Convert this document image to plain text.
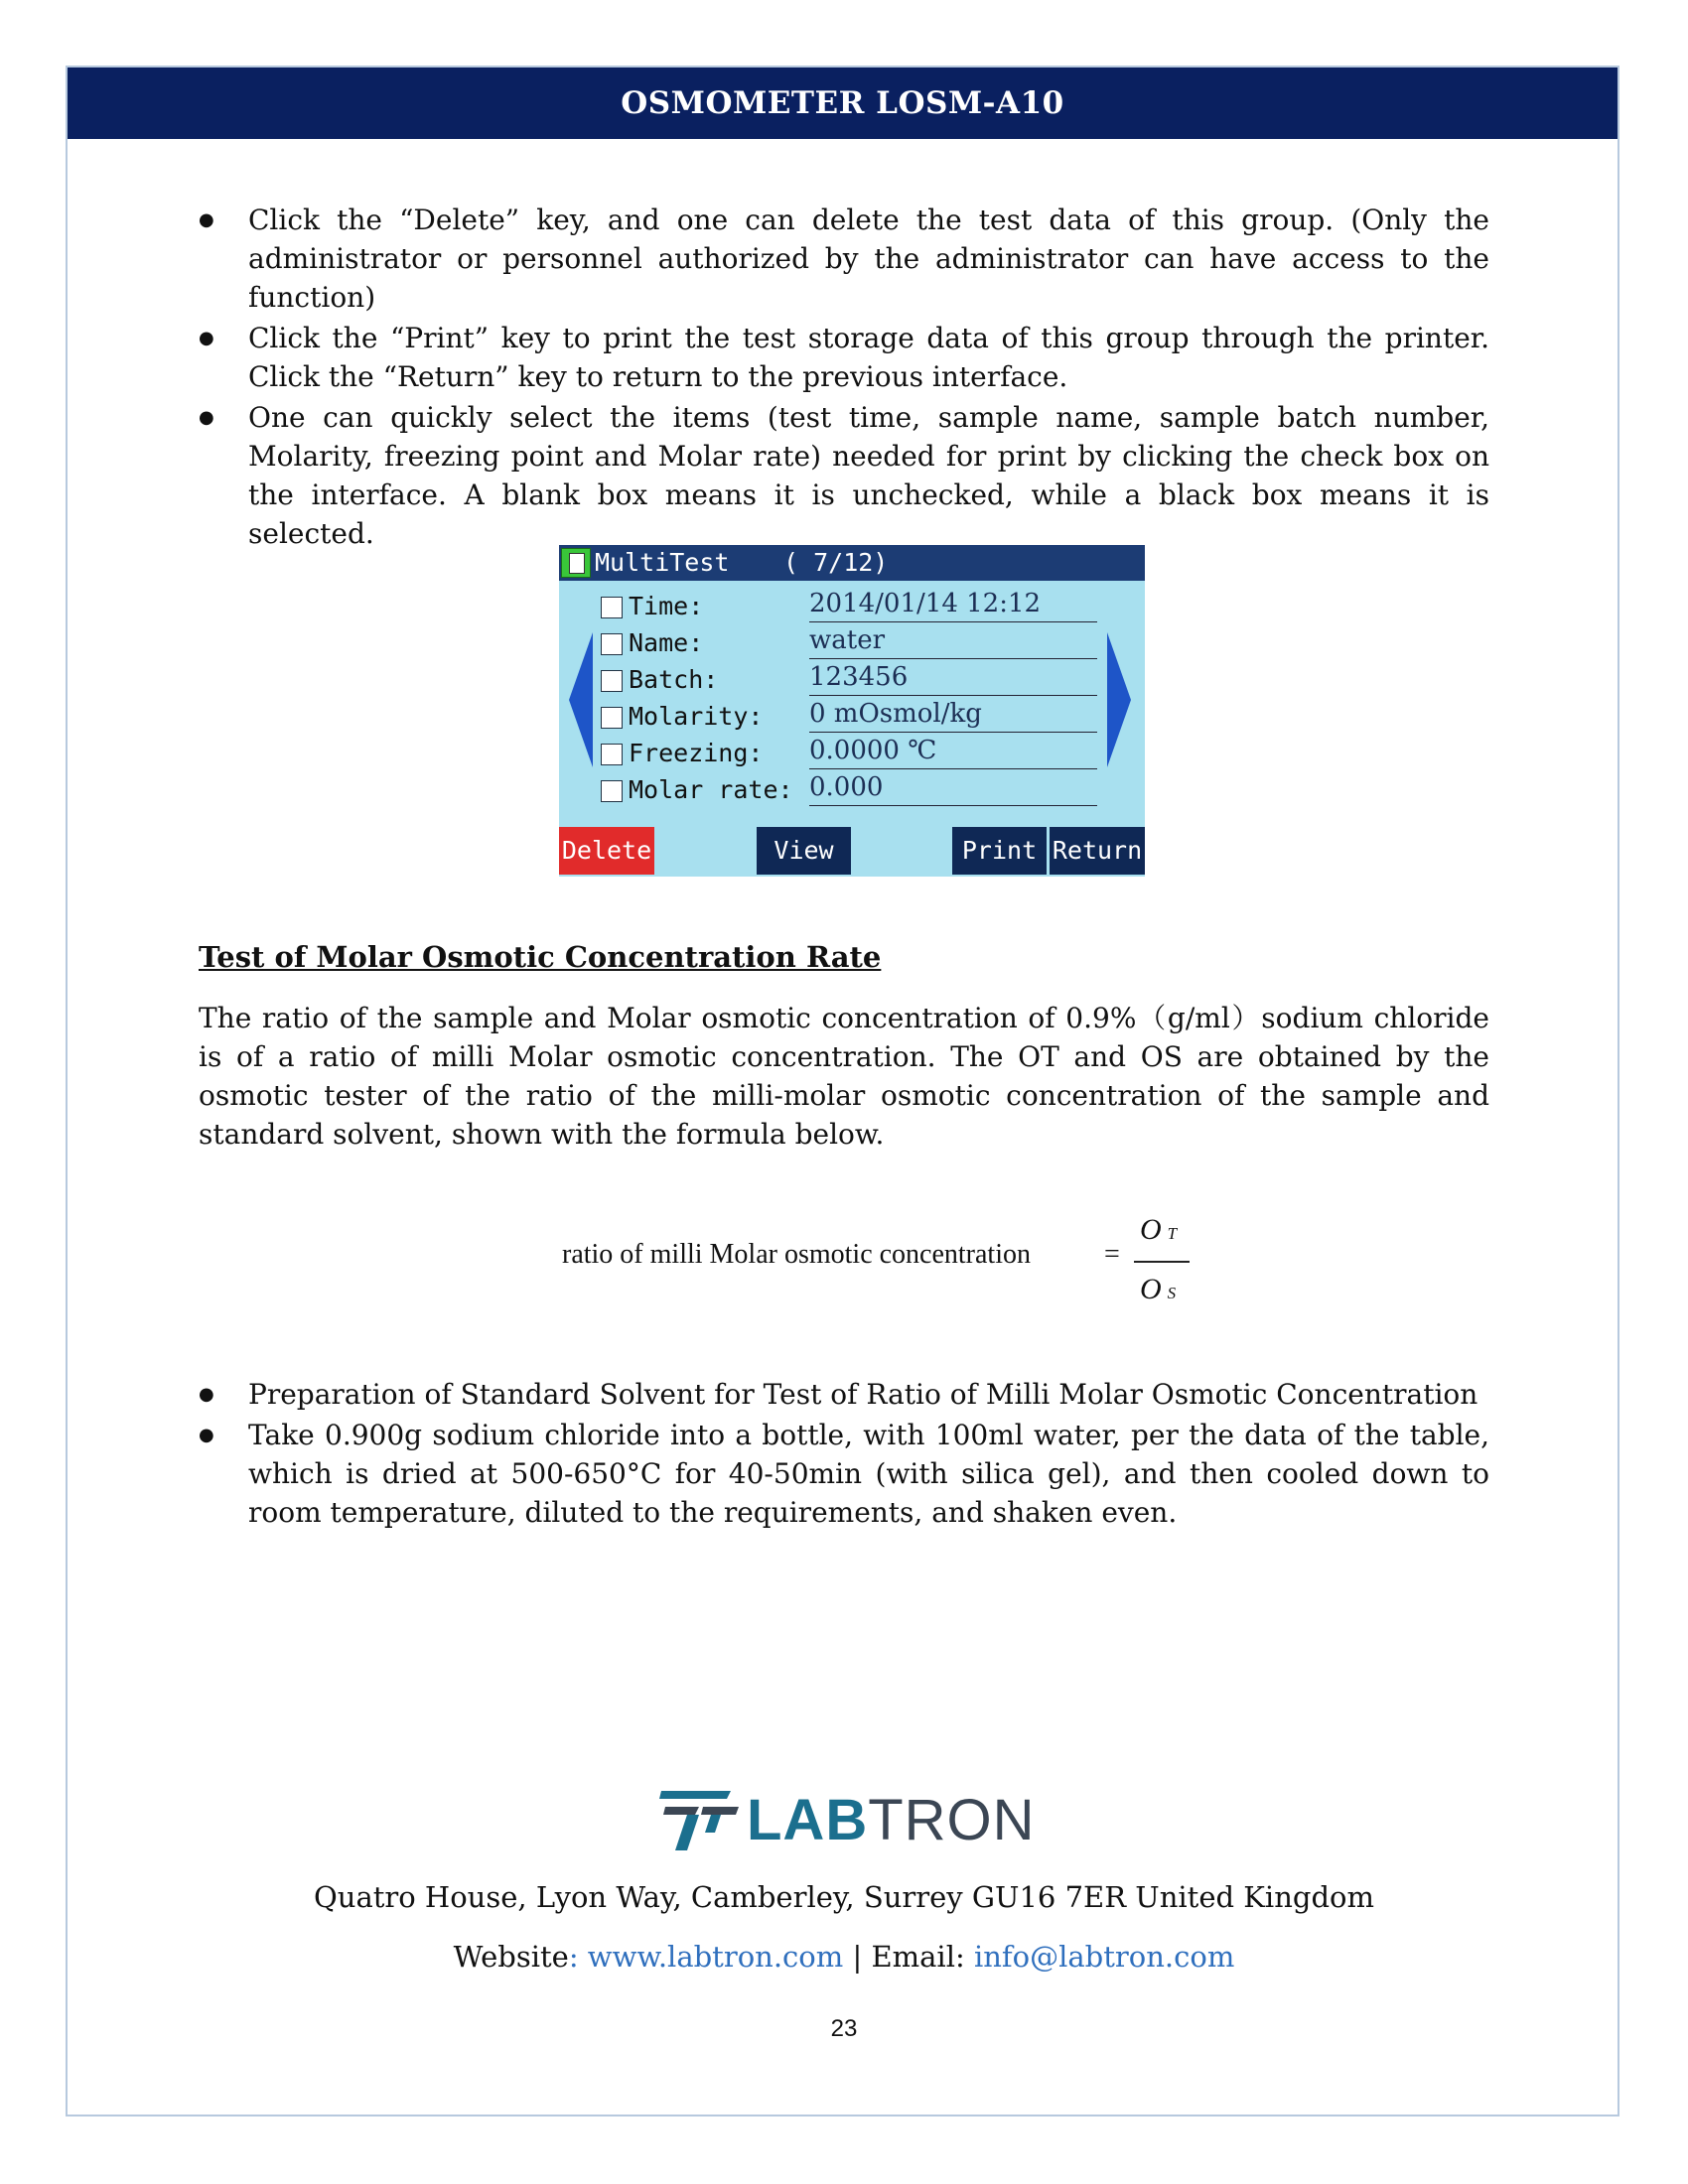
OSMOMETER LOSM-A10
● Click the “Delete” key, and one can delete the test data of this group. (Only the administrator or personnel authorized by the administrator can have access to the function)
● Click the “Print” key to print the test storage data of this group through the printer. Click the “Return” key to return to the previous interface.
● One can quickly select the items (test time, sample name, sample batch number, Molarity, freezing point and Molar rate) needed for print by clicking the check box on the interface. A blank box means it is unchecked, while a black box means it is selected.
MultiTest ( 7/12)
Time:	2014/01/14 12:12
Name:	water
Batch:	123456
Molarity: 0 mOsmol/kg
Freezing: 0.0000 ℃
Molar rate: 0.000
Delete	View	Print Return
Test of Molar Osmotic Concentration Rate
The ratio of the sample and Molar osmotic concentration of 0.9%（g/ml）sodium chloride is of a ratio of milli Molar osmotic concentration. The OT and OS are obtained by the osmotic tester of the ratio of the milli-molar osmotic concentration of the sample and standard solvent, shown with the formula below.
ratio of milli Molar osmotic concentration	=
O T
O S
● Preparation of Standard Solvent for Test of Ratio of Milli Molar Osmotic Concentration
● Take 0.900g sodium chloride into a bottle, with 100ml water, per the data of the table, which is dried at 500-650°C for 40-50min (with silica gel), and then cooled down to room temperature, diluted to the requirements, and shaken even.
LABTRON
Quatro House, Lyon Way, Camberley, Surrey GU16 7ER United Kingdom
Website: www.labtron.com | Email: info@labtron.com
23
